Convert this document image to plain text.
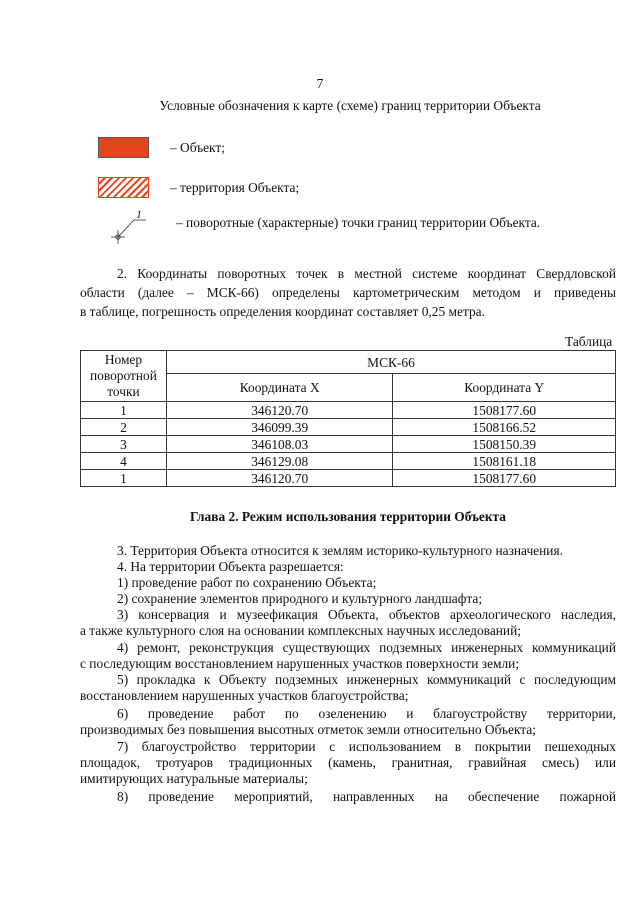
7
Условные обозначения к карте (схеме) границ территории Объекта
– Объект;
– территория Объекта;
1
– поворотные (характерные) точки границ территории Объекта.
2. Координаты поворотных точек в местной системе координат Свердловской
области (далее – МСК-66) определены картометрическим методом и приведены
в таблице, погрешность определения координат составляет 0,25 метра.
Таблица
Номер
поворотной
точки	МСК-66	
	Координата X	Координата Y
1	346120.70	1508177.60
2	346099.39	1508166.52
3	346108.03	1508150.39
4	346129.08	1508161.18
1	346120.70	1508177.60
Глава 2. Режим использования территории Объекта
3. Территория Объекта относится к землям историко-культурного назначения.
4. На территории Объекта разрешается:
1) проведение работ по сохранению Объекта;
2) сохранение элементов природного и культурного ландшафта;
3) консервация и музеефикация Объекта, объектов археологического наследия,
а также культурного слоя на основании комплексных научных исследований;
4) ремонт, реконструкция существующих подземных инженерных коммуникаций
с последующим восстановлением нарушенных участков поверхности земли;
5) прокладка к Объекту подземных инженерных коммуникаций с последующим
восстановлением нарушенных участков благоустройства;
6) проведение работ по озеленению и благоустройству территории,
производимых без повышения высотных отметок земли относительно Объекта;
7) благоустройство территории с использованием в покрытии пешеходных
площадок, тротуаров традиционных (камень, гранитная, гравийная смесь) или
имитирующих натуральные материалы;
8) проведение мероприятий, направленных на обеспечение пожарной
